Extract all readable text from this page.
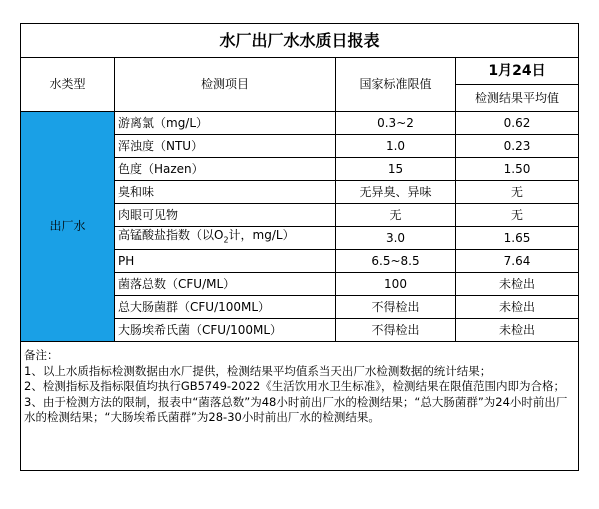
水厂出厂水水质日报表			
水类型	检测项目	国家标准限值	1月24日
			检测结果平均值
出厂水	游离氯（mg/L）	0.3~2	0.62
	浑浊度（NTU）	1.0	0.23
	色度（Hazen）	15	1.50
	臭和味	无异臭、异味	无
	肉眼可见物	无	无
	高锰酸盐指数（以$O_2$计，mg/L）	3.0	1.65
	PH	6.5~8.5	7.64
	菌落总数（CFU/ML）	100	未检出
	总大肠菌群（CFU/100ML）	不得检出	未检出
	大肠埃希氏菌（CFU/100ML）	不得检出	未检出

备注：
1、以上水质指标检测数据由水厂提供，检测结果平均值系当天出厂水检测数据的统计结果；
2、检测指标及指标限值均执行GB5749-2022《生活饮用水卫生标准》，检测结果在限值范围内即为合格；
3、由于检测方法的限制，报表中“菌落总数”为48小时前出厂水的检测结果；“总大肠菌群”为24小时前出厂水的检测结果；“大肠埃希氏菌群”为28-30小时前出厂水的检测结果。			
